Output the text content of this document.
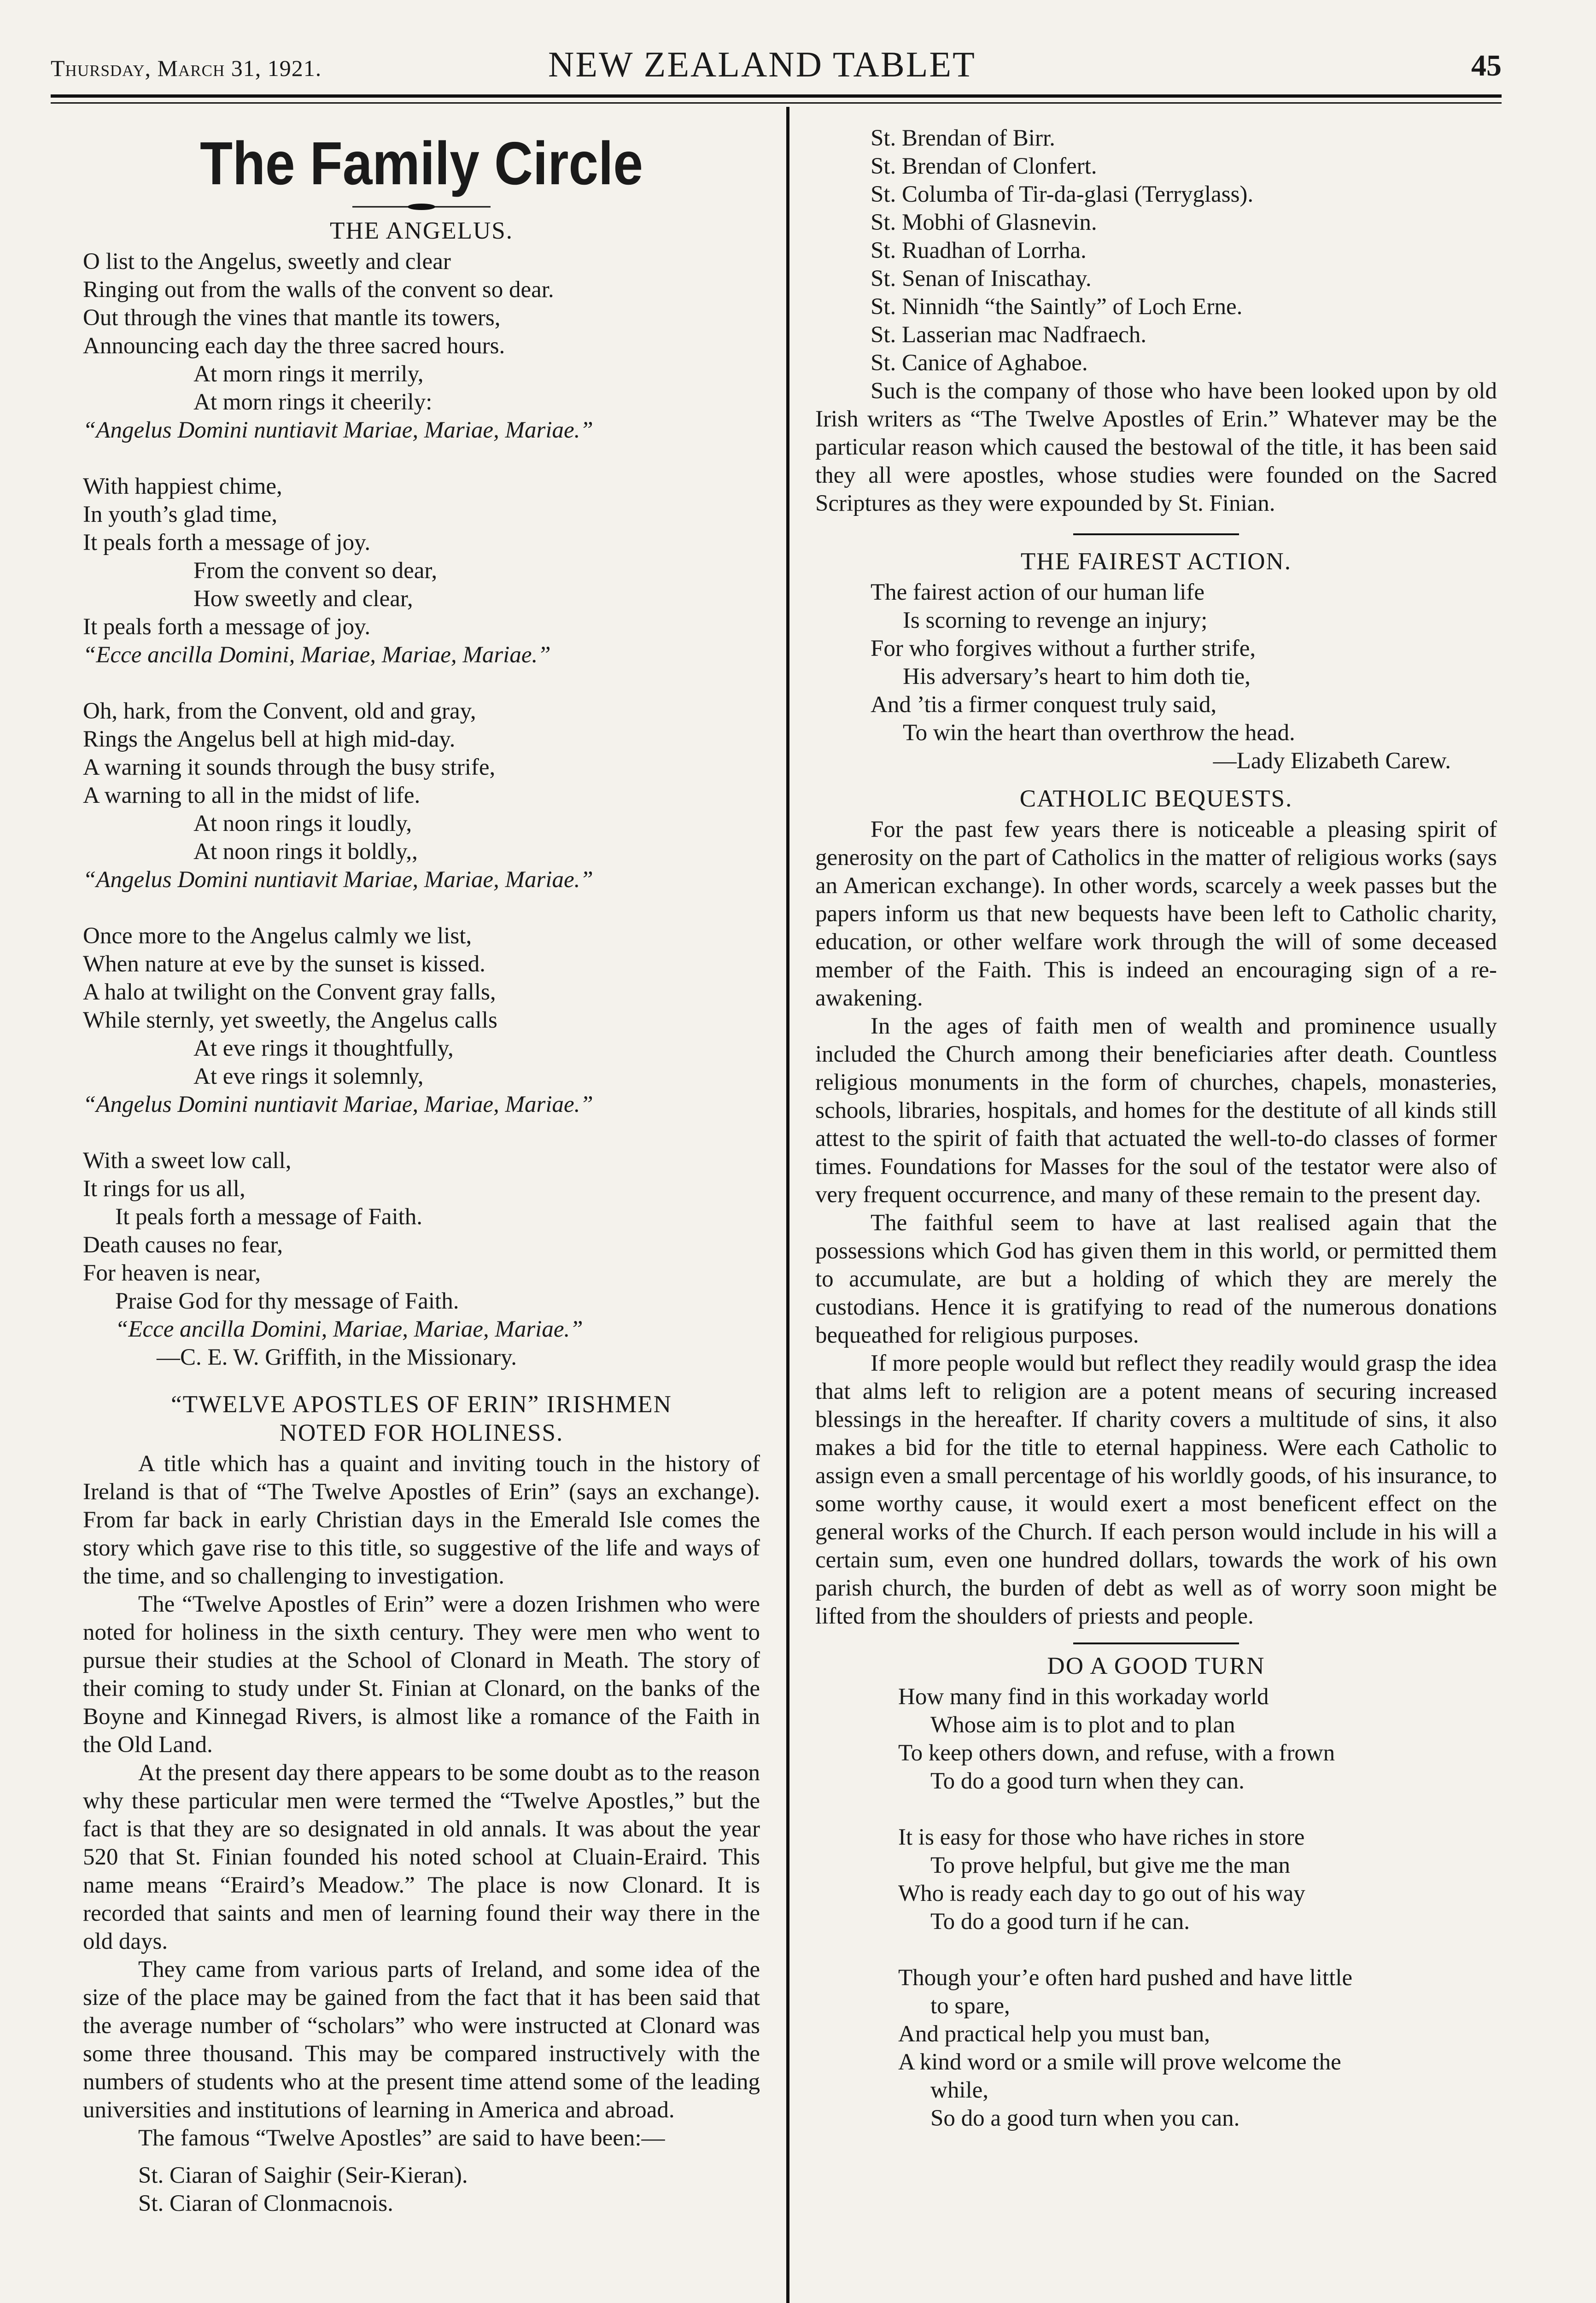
Thursday, March 31, 1921.	NEW ZEALAND TABLET	45
The Family Circle
THE ANGELUS.
O list to the Angelus, sweetly and clear
Ringing out from the walls of the convent so dear.
Out through the vines that mantle its towers,
Announcing each day the three sacred hours.
At morn rings it merrily,
At morn rings it cheerily:
“Angelus Domini nuntiavit Mariae, Mariae, Mariae.”
With happiest chime,
In youth’s glad time,
It peals forth a message of joy.
From the convent so dear,
How sweetly and clear,
It peals forth a message of joy.
“Ecce ancilla Domini, Mariae, Mariae, Mariae.”
Oh, hark, from the Convent, old and gray,
Rings the Angelus bell at high mid-day.
A warning it sounds through the busy strife,
A warning to all in the midst of life.
At noon rings it loudly,
At noon rings it boldly,,
“Angelus Domini nuntiavit Mariae, Mariae, Mariae.”
Once more to the Angelus calmly we list,
When nature at eve by the sunset is kissed.
A halo at twilight on the Convent gray falls,
While sternly, yet sweetly, the Angelus calls
At eve rings it thoughtfully,
At eve rings it solemnly,
“Angelus Domini nuntiavit Mariae, Mariae, Mariae.”
With a sweet low call,
It rings for us all,
It peals forth a message of Faith.
Death causes no fear,
For heaven is near,
Praise God for thy message of Faith.
“Ecce ancilla Domini, Mariae, Mariae, Mariae.”
—C. E. W. Griffith, in the Missionary.
“TWELVE APOSTLES OF ERIN” IRISHMEN
NOTED FOR HOLINESS.

A title which has a quaint and inviting touch in the history of Ireland is that of “The Twelve Apostles of Erin” (says an exchange). From far back in early Christian days in the Emerald Isle comes the story which gave rise to this title, so suggestive of the life and ways of the time, and so challenging to investigation.

The “Twelve Apostles of Erin” were a dozen Irishmen who were noted for holiness in the sixth century. They were men who went to pursue their studies at the School of Clonard in Meath. The story of their coming to study under St. Finian at Clonard, on the banks of the Boyne and Kinnegad Rivers, is almost like a romance of the Faith in the Old Land.

At the present day there appears to be some doubt as to the reason why these particular men were termed the “Twelve Apostles,” but the fact is that they are so designated in old annals. It was about the year 520 that St. Finian founded his noted school at Cluain-Eraird. This name means “Eraird’s Meadow.” The place is now Clonard. It is recorded that saints and men of learning found their way there in the old days.

They came from various parts of Ireland, and some idea of the size of the place may be gained from the fact that it has been said that the average number of “scholars” who were instructed at Clonard was some three thousand. This may be compared instructively with the numbers of students who at the present time attend some of the leading universities and institutions of learning in America and abroad.

The famous “Twelve Apostles” are said to have been:—

St. Ciaran of Saighir (Seir-Kieran).
St. Ciaran of Clonmacnois.
St. Brendan of Birr.
St. Brendan of Clonfert.
St. Columba of Tir-da-glasi (Terryglass).
St. Mobhi of Glasnevin.
St. Ruadhan of Lorrha.
St. Senan of Iniscathay.
St. Ninnidh “the Saintly” of Loch Erne.
St. Lasserian mac Nadfraech.
St. Canice of Aghaboe.

Such is the company of those who have been looked upon by old Irish writers as “The Twelve Apostles of Erin.” Whatever may be the particular reason which caused the bestowal of the title, it has been said they all were apostles, whose studies were founded on the Sacred Scriptures as they were expounded by St. Finian.

THE FAIREST ACTION.
The fairest action of our human life
Is scorning to revenge an injury;
For who forgives without a further strife,
His adversary’s heart to him doth tie,
And ’tis a firmer conquest truly said,
To win the heart than overthrow the head.
—Lady Elizabeth Carew.
CATHOLIC BEQUESTS.

For the past few years there is noticeable a pleasing spirit of generosity on the part of Catholics in the matter of religious works (says an American exchange). In other words, scarcely a week passes but the papers inform us that new bequests have been left to Catholic charity, education, or other welfare work through the will of some deceased member of the Faith. This is indeed an encouraging sign of a re-awakening.

In the ages of faith men of wealth and prominence usually included the Church among their beneficiaries after death. Countless religious monuments in the form of churches, chapels, monasteries, schools, libraries, hospitals, and homes for the destitute of all kinds still attest to the spirit of faith that actuated the well-to-do classes of former times. Foundations for Masses for the soul of the testator were also of very frequent occurrence, and many of these remain to the present day.

The faithful seem to have at last realised again that the possessions which God has given them in this world, or permitted them to accumulate, are but a holding of which they are merely the custodians. Hence it is gratifying to read of the numerous donations bequeathed for religious purposes.

If more people would but reflect they readily would grasp the idea that alms left to religion are a potent means of securing increased blessings in the hereafter. If charity covers a multitude of sins, it also makes a bid for the title to eternal happiness. Were each Catholic to assign even a small percentage of his worldly goods, of his insurance, to some worthy cause, it would exert a most beneficent effect on the general works of the Church. If each person would include in his will a certain sum, even one hundred dollars, towards the work of his own parish church, the burden of debt as well as of worry soon might be lifted from the shoulders of priests and people.

DO A GOOD TURN
How many find in this workaday world
Whose aim is to plot and to plan
To keep others down, and refuse, with a frown
To do a good turn when they can.
It is easy for those who have riches in store
To prove helpful, but give me the man
Who is ready each day to go out of his way
To do a good turn if he can.
Though your’e often hard pushed and have little
to spare,
And practical help you must ban,
A kind word or a smile will prove welcome the
while,
So do a good turn when you can.
